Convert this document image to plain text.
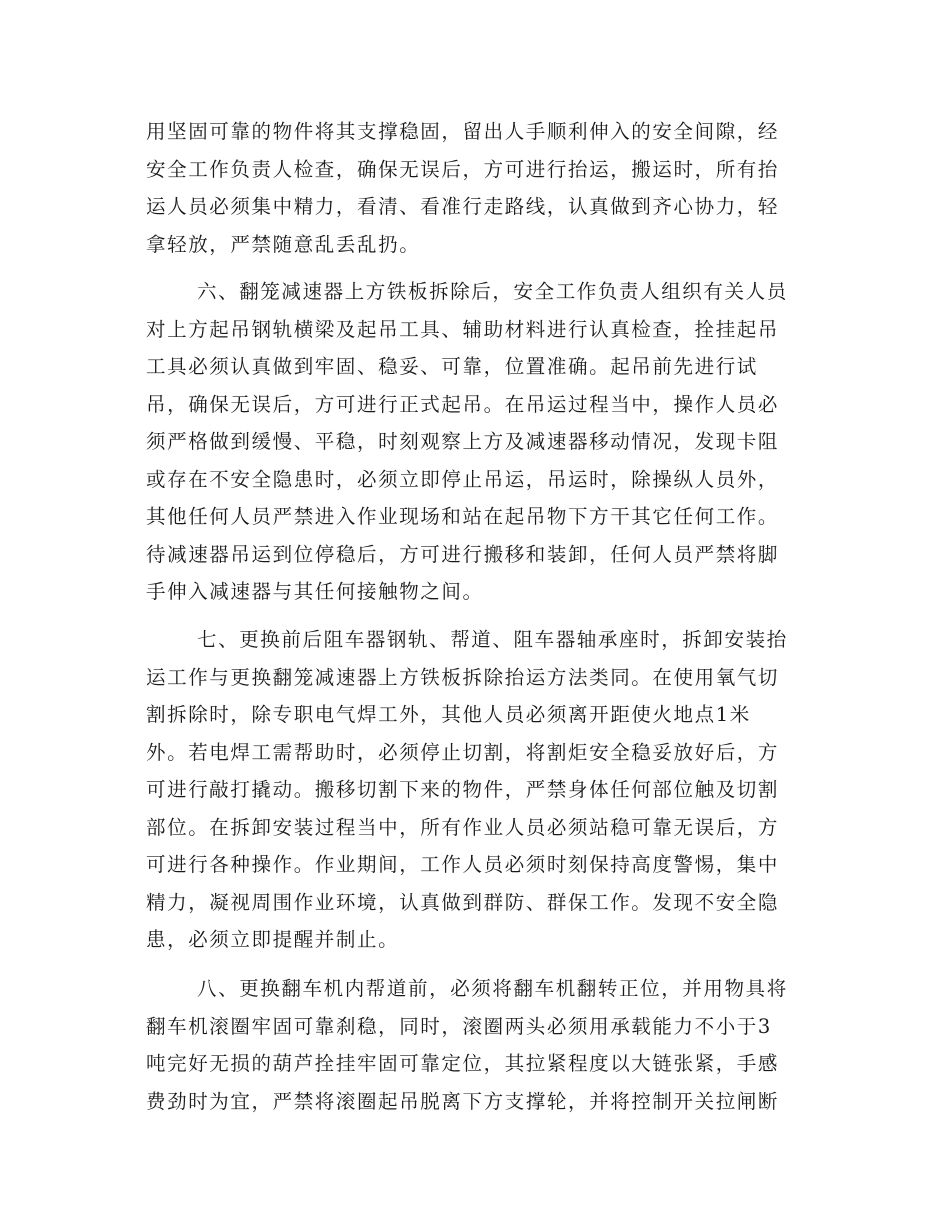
用坚固可靠的物件将其支撑稳固，留出人手顺利伸入的安全间隙，经
安全工作负责人检查，确保无误后，方可进行抬运，搬运时，所有抬
运人员必须集中精力，看清、看准行走路线，认真做到齐心协力，轻
拿轻放，严禁随意乱丢乱扔。
六、翻笼减速器上方铁板拆除后，安全工作负责人组织有关人员
对上方起吊钢轨横梁及起吊工具、辅助材料进行认真检查，拴挂起吊
工具必须认真做到牢固、稳妥、可靠，位置准确。起吊前先进行试
吊，确保无误后，方可进行正式起吊。在吊运过程当中，操作人员必
须严格做到缓慢、平稳，时刻观察上方及减速器移动情况，发现卡阻
或存在不安全隐患时，必须立即停止吊运，吊运时，除操纵人员外，
其他任何人员严禁进入作业现场和站在起吊物下方干其它任何工作。
待减速器吊运到位停稳后，方可进行搬移和装卸，任何人员严禁将脚
手伸入减速器与其任何接触物之间。
七、更换前后阻车器钢轨、帮道、阻车器轴承座时，拆卸安装抬
运工作与更换翻笼减速器上方铁板拆除抬运方法类同。在使用氧气切
割拆除时，除专职电气焊工外，其他人员必须离开距使火地点1米
外。若电焊工需帮助时，必须停止切割，将割炬安全稳妥放好后，方
可进行敲打撬动。搬移切割下来的物件，严禁身体任何部位触及切割
部位。在拆卸安装过程当中，所有作业人员必须站稳可靠无误后，方
可进行各种操作。作业期间，工作人员必须时刻保持高度警惕，集中
精力，凝视周围作业环境，认真做到群防、群保工作。发现不安全隐
患，必须立即提醒并制止。
八、更换翻车机内帮道前，必须将翻车机翻转正位，并用物具将
翻车机滚圈牢固可靠刹稳，同时，滚圈两头必须用承载能力不小于3
吨完好无损的葫芦拴挂牢固可靠定位，其拉紧程度以大链张紧，手感
费劲时为宜，严禁将滚圈起吊脱离下方支撑轮，并将控制开关拉闸断
